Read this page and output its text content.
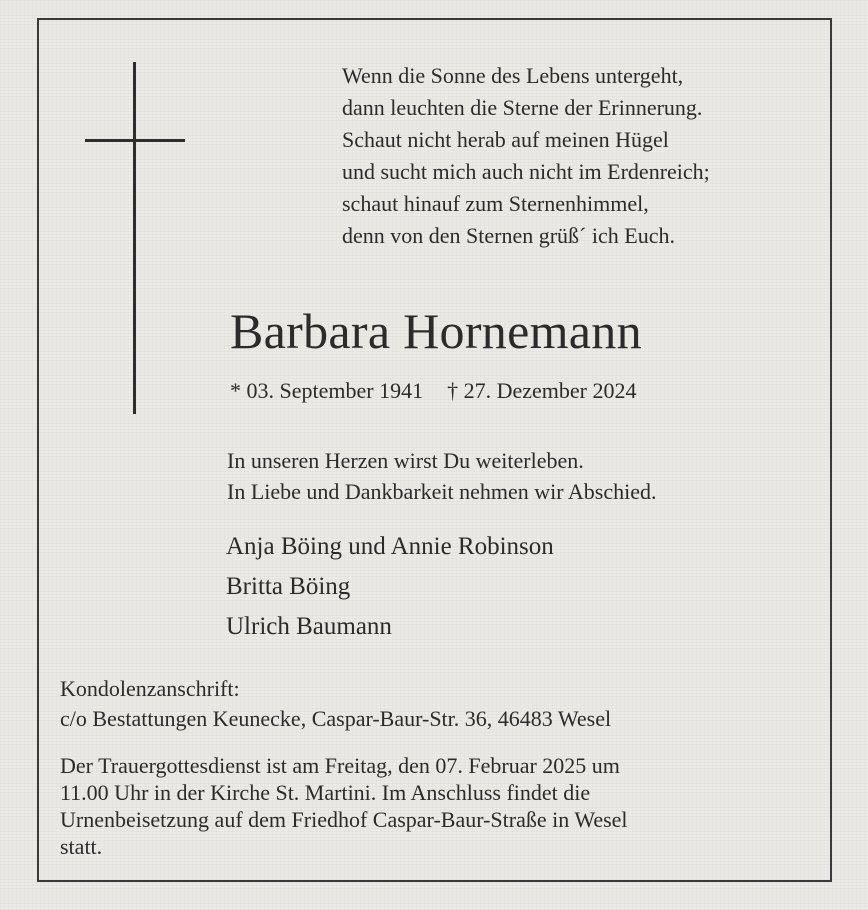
Wenn die Sonne des Lebens untergeht,
dann leuchten die Sterne der Erinnerung.
Schaut nicht herab auf meinen Hügel
und sucht mich auch nicht im Erdenreich;
schaut hinauf zum Sternenhimmel,
denn von den Sternen grüß´ ich Euch.
Barbara Hornemann
* 03. September 1941 † 27. Dezember 2024
In unseren Herzen wirst Du weiterleben.
In Liebe und Dankbarkeit nehmen wir Abschied.
Anja Böing und Annie Robinson
Britta Böing
Ulrich Baumann
Kondolenzanschrift:
c/o Bestattungen Keunecke, Caspar-Baur-Str. 36, 46483 Wesel
Der Trauergottesdienst ist am Freitag, den 07. Februar 2025 um
11.00 Uhr in der Kirche St. Martini. Im Anschluss findet die
Urnenbeisetzung auf dem Friedhof Caspar-Baur-Straße in Wesel
statt.
